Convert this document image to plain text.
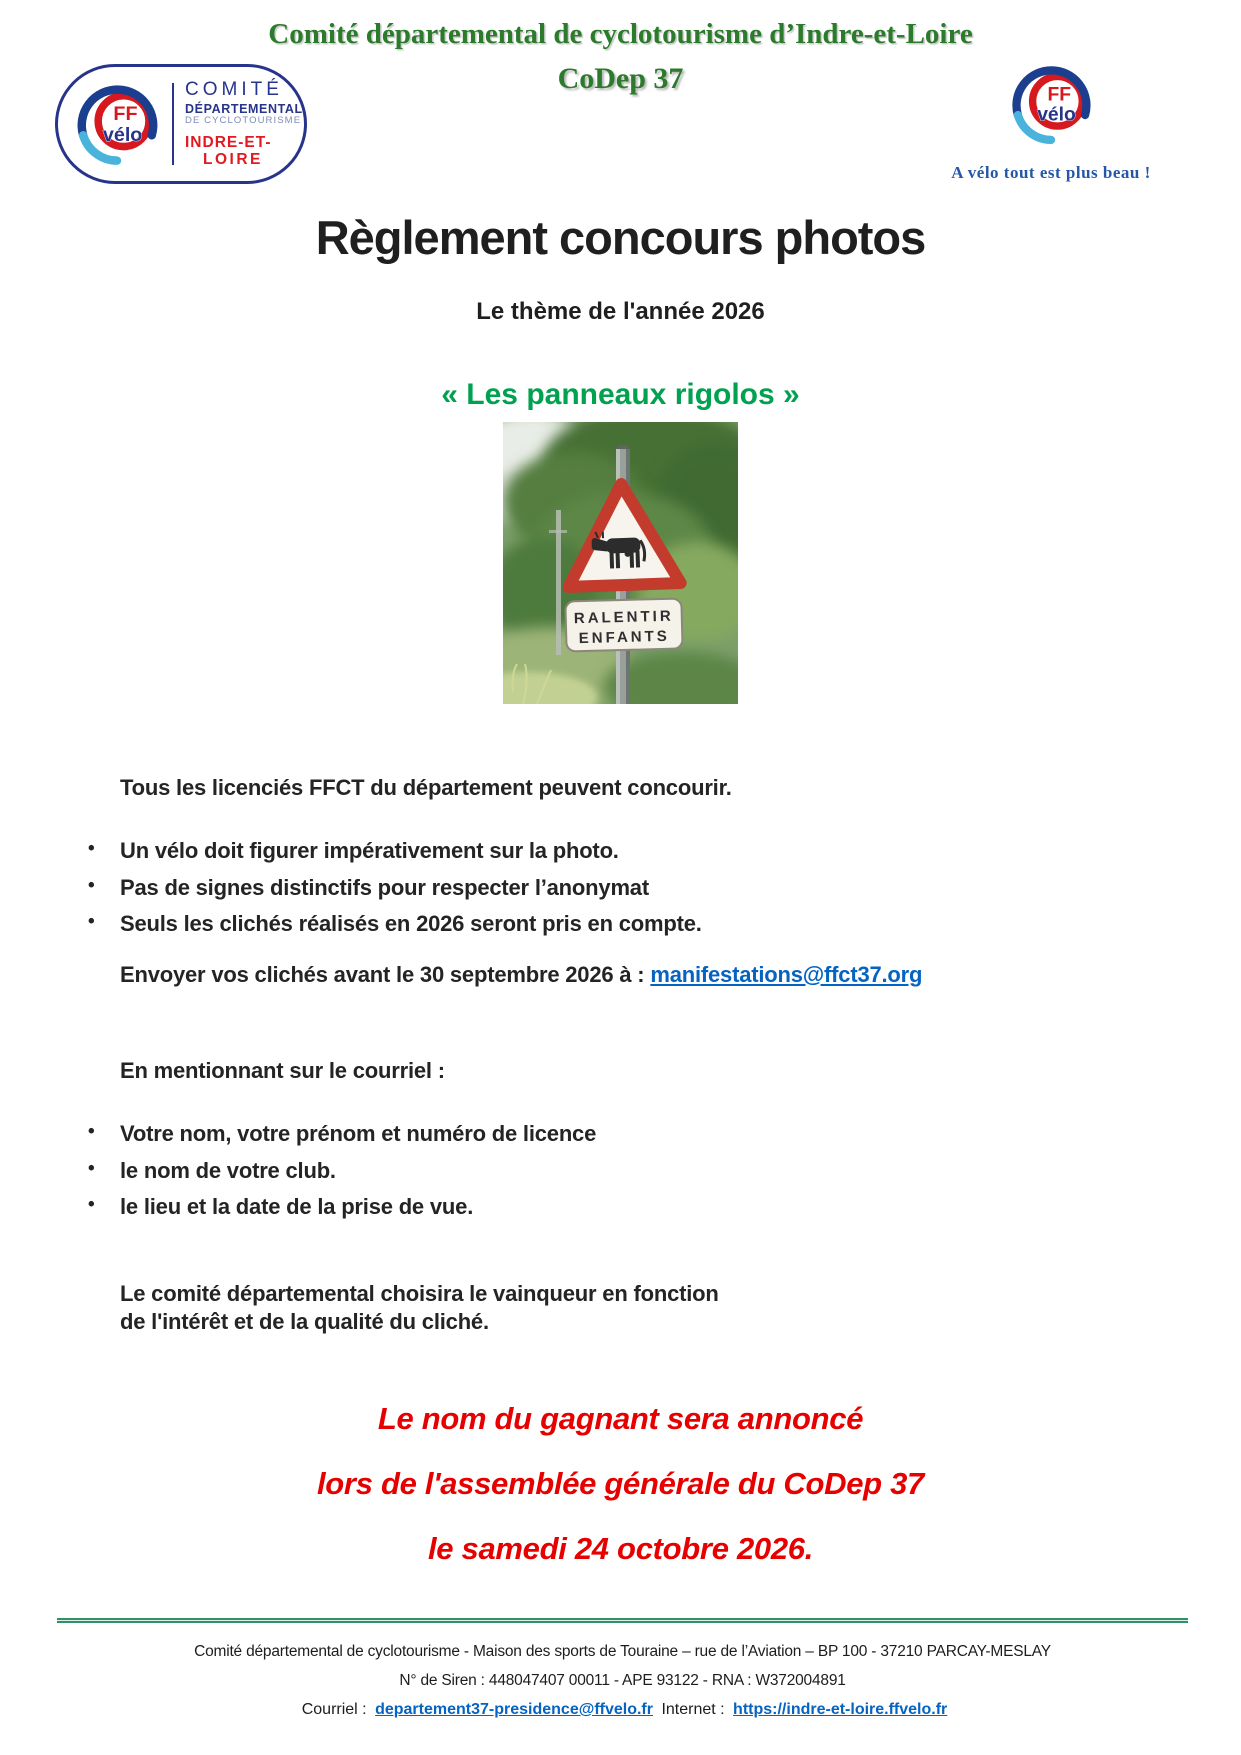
Comité départemental de cyclotourisme d’Indre-et-Loire
CoDep 37
FF
vélo
COMITÉ
DÉPARTEMENTAL
DE CYCLOTOURISME
INDRE-ET-
LOIRE
FF
vélo
A vélo tout est plus beau !
Règlement concours photos
Le thème de l'année 2026
« Les panneaux rigolos »
RALENTIR
ENFANTS

Tous les licenciés FFCT du département peuvent concourir.

• Un vélo doit figurer impérativement sur la photo.
• Pas de signes distinctifs pour respecter l’anonymat
• Seuls les clichés réalisés en 2026 seront pris en compte.

Envoyer vos clichés avant le 30 septembre 2026 à : manifestations@ffct37.org

En mentionnant sur le courriel :

• Votre nom, votre prénom et numéro de licence
• le nom de votre club.
• le lieu et la date de la prise de vue.

Le comité départemental choisira le vainqueur en fonction
de l'intérêt et de la qualité du cliché.

Le nom du gagnant sera annoncé

lors de l'assemblée générale du CoDep 37

le samedi 24 octobre 2026.

Comité départemental de cyclotourisme - Maison des sports de Touraine – rue de l’Aviation – BP 100 - 37210 PARCAY-MESLAY
N° de Siren : 448047407 00011 - APE 93122 - RNA : W372004891
Courriel : departement37-presidence@ffvelo.fr Internet : https://indre-et-loire.ffvelo.fr
